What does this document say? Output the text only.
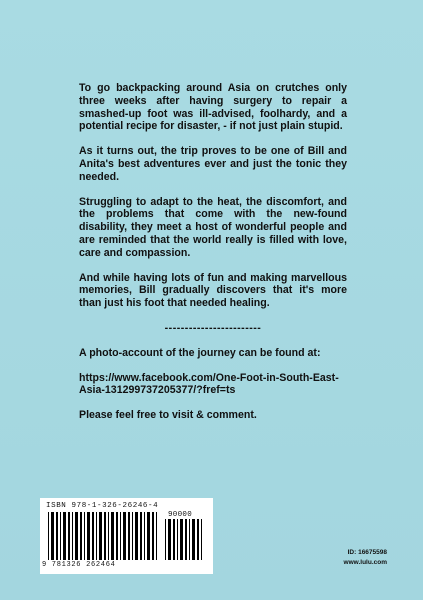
To go backpacking around Asia on crutches only three weeks after having surgery to repair a smashed-up foot was ill-advised, foolhardy, and a potential recipe for disaster, - if not just plain stupid.

As it turns out, the trip proves to be one of Bill and Anita's best adventures ever and just the tonic they needed.

Struggling to adapt to the heat, the discomfort, and the problems that come with the new-found disability, they meet a host of wonderful people and are reminded that the world really is filled with love, care and compassion.

And while having lots of fun and making marvellous memories, Bill gradually discovers that it's more than just his foot that needed healing.

------------------------

A photo-account of the journey can be found at:

https://www.facebook.com/One-Foot-in-South-East-Asia-131299737205377/?fref=ts

Please feel free to visit & comment.

ISBN 978-1-326-26246-4
90000
9 781326 262464
ID: 16675598
www.lulu.com
